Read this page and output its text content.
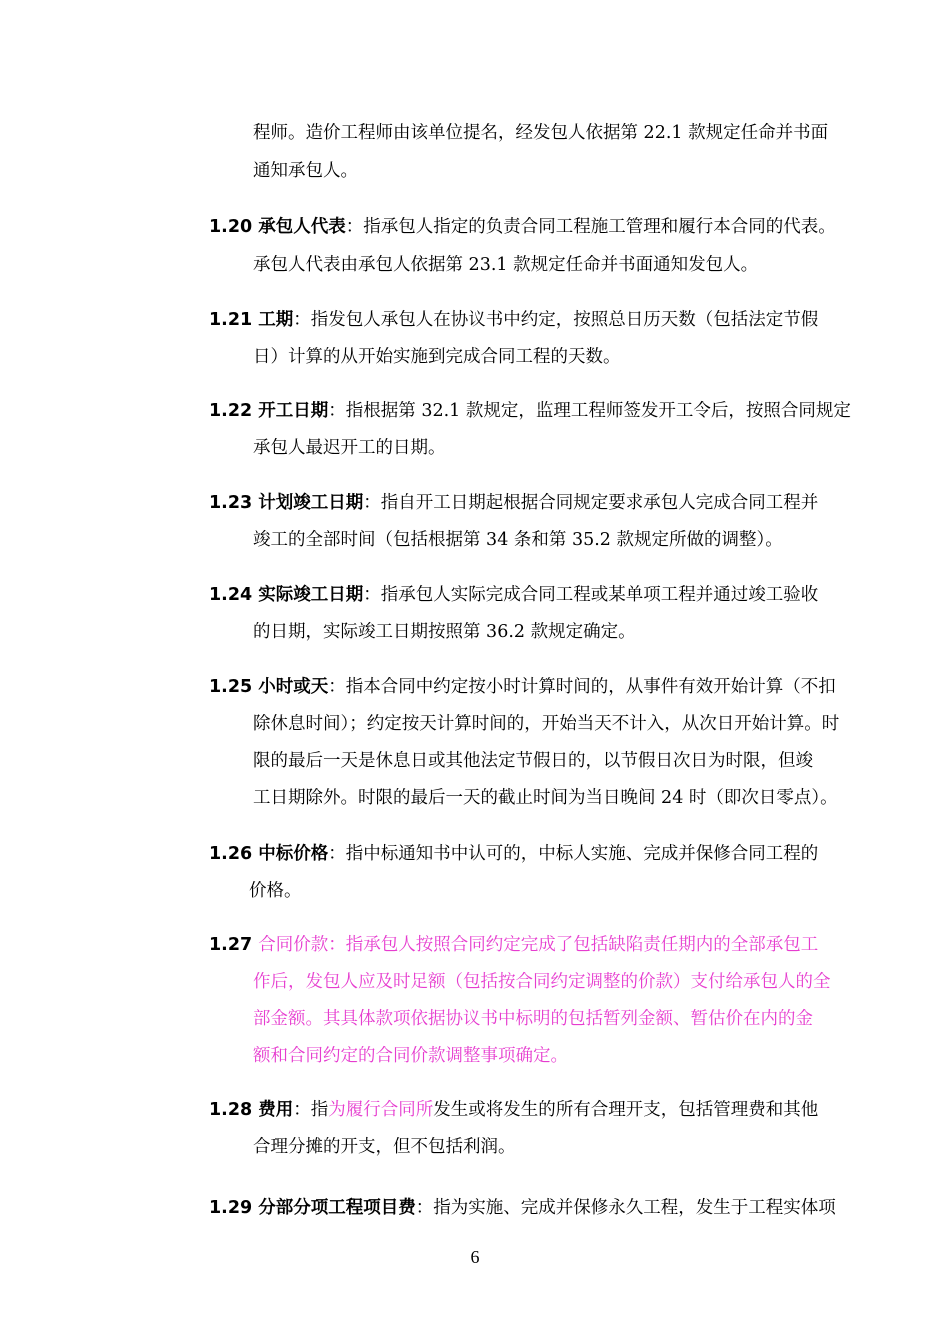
程师。造价工程师由该单位提名，经发包人依据第 22.1 款规定任命并书面
通知承包人。
1.20 承包人代表：指承包人指定的负责合同工程施工管理和履行本合同的代表。
承包人代表由承包人依据第 23.1 款规定任命并书面通知发包人。
1.21 工期：指发包人承包人在协议书中约定，按照总日历天数（包括法定节假
日）计算的从开始实施到完成合同工程的天数。
1.22 开工日期：指根据第 32.1 款规定，监理工程师签发开工令后，按照合同规定
承包人最迟开工的日期。
1.23 计划竣工日期：指自开工日期起根据合同规定要求承包人完成合同工程并
竣工的全部时间（包括根据第 34 条和第 35.2 款规定所做的调整）。
1.24 实际竣工日期：指承包人实际完成合同工程或某单项工程并通过竣工验收
的日期，实际竣工日期按照第 36.2 款规定确定。
1.25 小时或天：指本合同中约定按小时计算时间的，从事件有效开始计算（不扣
除休息时间）；约定按天计算时间的，开始当天不计入，从次日开始计算。时
限的最后一天是休息日或其他法定节假日的，以节假日次日为时限，但竣
工日期除外。时限的最后一天的截止时间为当日晚间 24 时（即次日零点）。
1.26 中标价格：指中标通知书中认可的，中标人实施、完成并保修合同工程的
价格。
1.27 合同价款：指承包人按照合同约定完成了包括缺陷责任期内的全部承包工
作后，发包人应及时足额（包括按合同约定调整的价款）支付给承包人的全
部金额。其具体款项依据协议书中标明的包括暂列金额、暂估价在内的金
额和合同约定的合同价款调整事项确定。
1.28 费用：指为履行合同所发生或将发生的所有合理开支，包括管理费和其他
合理分摊的开支，但不包括利润。
1.29 分部分项工程项目费：指为实施、完成并保修永久工程，发生于工程实体项
6
